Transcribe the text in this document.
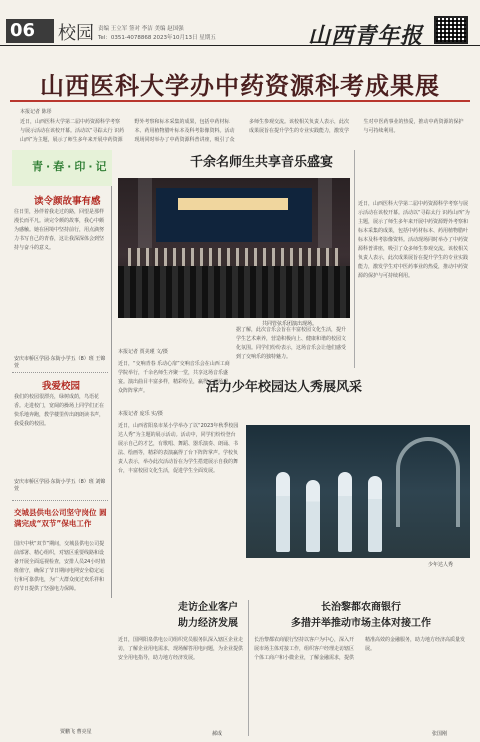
06	校园 责编 王立军 签对 李洁 美编 赵国强
Tel：0351-4078868 2023年10月13日 星期五	山西青年报
山西医科大学办中药资源科考成果展
本报记者 陈彤
近日，山西医科大学第二届中药资源科学考察与展示活动在该校开幕。活动以“寻踪太行 识药山西”为主题，展示了师生多年来开展中药资源野外考察和标本采集的成果，包括中药材标本、药用植物腊叶标本及科考影像资料。活动现场同时举办了中药资源科普讲座，吸引了众多师生参观交流。该校相关负责人表示，此次成果展旨在提升学生的专业实践能力，激发学生对中医药事业的热爱，推动中药资源的保护与可持续利用。
青·春·印·记
读令颜故事有感
往日里，孙伴着我走过的路，回望是那样漫长而平凡。读完令颜的故事，我心中颇为感触。她在困境中坚持前行，用点滴努力书写自己的青春，这让我深深体会到坚持与奋斗的意义。
安庆市桥区学园·东街小学五（8）班 王锦萱
我爱校园
我们的校园很漂亮，绿树成荫，鸟语花香。走进校门，宽阔的操场上同学们正在快乐地奔跑，教学楼里传出朗朗读书声，我爱我的校园。
安庆市桥区学园·东街小学五（8）班 刘锦萱
交城县供电公司坚守岗位 圆满完成“双节”保电工作
国庆中秋“双节”期间，交城县供电公司提前部署、精心组织，对辖区重要线路和设备开展全面巡视检查，安排人员24小时值班值守，确保了节日期间电网安全稳定运行和可靠供电，为广大群众度过欢乐祥和的节日提供了坚强电力保障。
贾鹏飞 曹亮星
千余名师生共享音乐盛宴
共同管弦乐团演出现场。
本报记者 贾美瑾 文/摄
近日，“交响青春 乐动心扉”交响音乐会在山西工商学院举行，千余名师生齐聚一堂，共享这场音乐盛宴。演出曲目丰富多样，精彩纷呈，赢得了现场观众阵阵掌声。
据了解，此次音乐会旨在丰富校园文化生活，提升学生艺术素养，营造积极向上、健康和谐的校园文化氛围。同学们纷纷表示，这场音乐会让他们感受到了交响乐的独特魅力。
近日，山西医科大学第二届中药资源科学考察与展示活动在该校开幕。活动以“寻踪太行 识药山西”为主题，展示了师生多年来开展中药资源野外考察和标本采集的成果，包括中药材标本、药用植物腊叶标本及科考影像资料。活动现场同时举办了中药资源科普讲座，吸引了众多师生参观交流。该校相关负责人表示，此次成果展旨在提升学生的专业实践能力，激发学生对中医药事业的热爱，推动中药资源的保护与可持续利用。
活力少年校园达人秀展风采
本报记者 庞乐 实/摄
近日，山西省阳泉市某小学举办了以“2023年秋季校园达人秀”为主题的展示活动。活动中，同学们纷纷登台展示自己的才艺，有歌唱、舞蹈、器乐演奏、朗诵、书法、绘画等，精彩的表演赢得了台下阵阵掌声。学校负责人表示，举办此次活动旨在为学生搭建展示自我的舞台，丰富校园文化生活，促进学生全面发展。
少年达人秀
走访企业客户
助力经济发展
近日，国网阳泉供电公司组织党员服务队深入辖区企业走访，了解企业用电需求，现场解答用电问题，为企业提供安全用电指导，助力地方经济发展。
郝成
长治黎都农商银行
多措并举推动市场主体对接工作
长治黎都农商银行坚持以客户为中心，深入开展市场主体对接工作，组织客户经理走访辖区个体工商户和小微企业，了解金融需求，提供精准高效的金融服务，助力地方经济高质量发展。
张国刚
